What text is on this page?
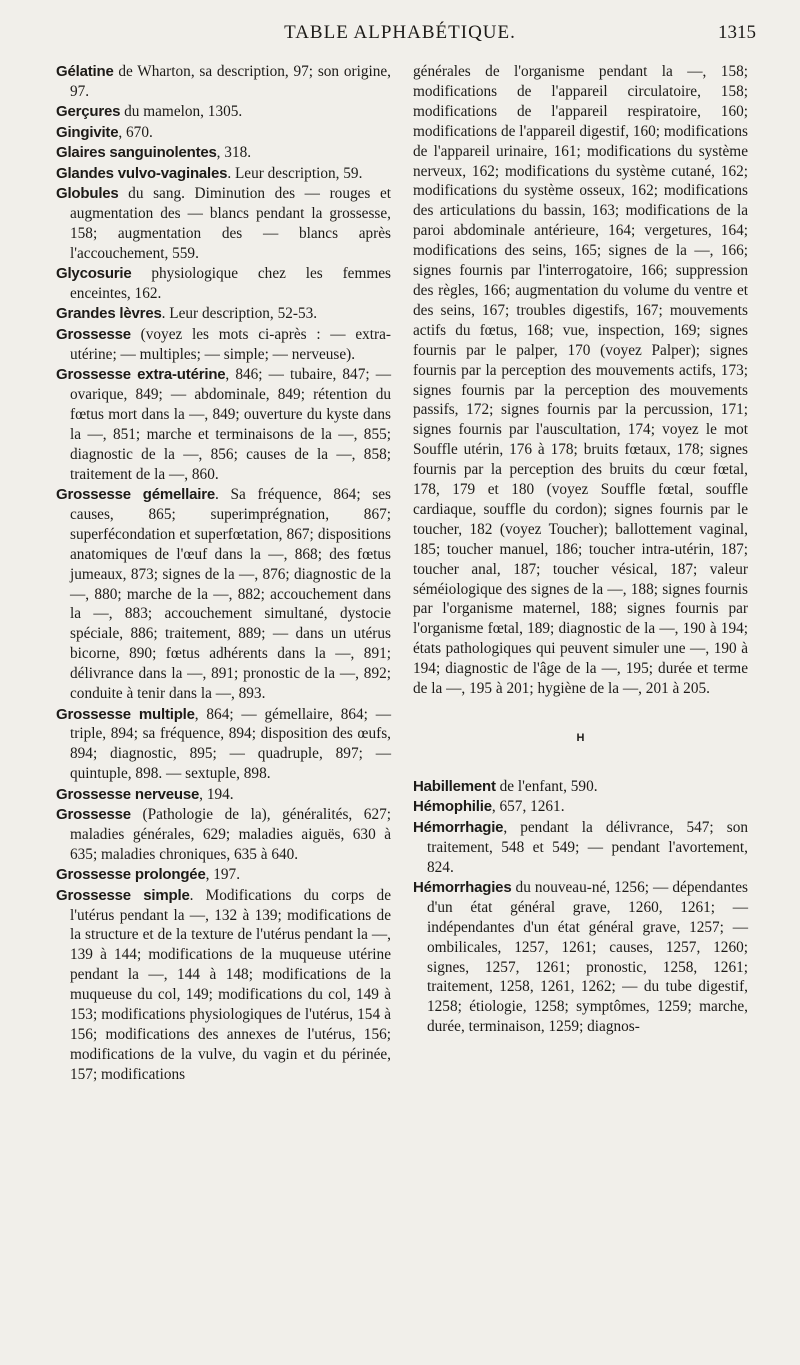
TABLE ALPHABÉTIQUE.	1315

Gélatine de Wharton, sa description, 97; son origine, 97.

Gerçures du mamelon, 1305.

Gingivite, 670.

Glaires sanguinolentes, 318.

Glandes vulvo-vaginales. Leur description, 59.

Globules du sang. Diminution des — rouges et augmentation des — blancs pendant la grossesse, 158; augmentation des — blancs après l'accouchement, 559.

Glycosurie physiologique chez les femmes enceintes, 162.

Grandes lèvres. Leur description, 52-53.

Grossesse (voyez les mots ci-après : — extra-utérine; — multiples; — simple; — nerveuse).

Grossesse extra-utérine, 846; — tubaire, 847; — ovarique, 849; — abdominale, 849; rétention du fœtus mort dans la —, 849; ouverture du kyste dans la —, 851; marche et terminaisons de la —, 855; diagnostic de la —, 856; causes de la —, 858; traitement de la —, 860.

Grossesse gémellaire. Sa fréquence, 864; ses causes, 865; superimprégnation, 867; superfécondation et superfœtation, 867; dispositions anatomiques de l'œuf dans la —, 868; des fœtus jumeaux, 873; signes de la —, 876; diagnostic de la —, 880; marche de la —, 882; accouchement dans la —, 883; accouchement simultané, dystocie spéciale, 886; traitement, 889; — dans un utérus bicorne, 890; fœtus adhérents dans la —, 891; délivrance dans la —, 891; pronostic de la —, 892; conduite à tenir dans la —, 893.

Grossesse multiple, 864; — gémellaire, 864; — triple, 894; sa fréquence, 894; disposition des œufs, 894; diagnostic, 895; — quadruple, 897; — quintuple, 898. — sextuple, 898.

Grossesse nerveuse, 194.

Grossesse (Pathologie de la), généralités, 627; maladies générales, 629; maladies aiguës, 630 à 635; maladies chroniques, 635 à 640.

Grossesse prolongée, 197.

Grossesse simple. Modifications du corps de l'utérus pendant la —, 132 à 139; modifications de la structure et de la texture de l'utérus pendant la —, 139 à 144; modifications de la muqueuse utérine pendant la —, 144 à 148; modifications de la muqueuse du col, 149; modifications du col, 149 à 153; modifications physiologiques de l'utérus, 154 à 156; modifications des annexes de l'utérus, 156; modifications de la vulve, du vagin et du périnée, 157; modifications

générales de l'organisme pendant la —, 158; modifications de l'appareil circulatoire, 158; modifications de l'appareil respiratoire, 160; modifications de l'appareil digestif, 160; modifications de l'appareil urinaire, 161; modifications du système nerveux, 162; modifications du système cutané, 162; modifications du système osseux, 162; modifications des articulations du bassin, 163; modifications de la paroi abdominale antérieure, 164; vergetures, 164; modifications des seins, 165; signes de la —, 166; signes fournis par l'interrogatoire, 166; suppression des règles, 166; augmentation du volume du ventre et des seins, 167; troubles digestifs, 167; mouvements actifs du fœtus, 168; vue, inspection, 169; signes fournis par le palper, 170 (voyez Palper); signes fournis par la perception des mouvements actifs, 173; signes fournis par la perception des mouvements passifs, 172; signes fournis par la percussion, 171; signes fournis par l'auscultation, 174; voyez le mot Souffle utérin, 176 à 178; bruits fœtaux, 178; signes fournis par la perception des bruits du cœur fœtal, 178, 179 et 180 (voyez Souffle fœtal, souffle cardiaque, souffle du cordon); signes fournis par le toucher, 182 (voyez Toucher); ballottement vaginal, 185; toucher manuel, 186; toucher intra-utérin, 187; toucher anal, 187; toucher vésical, 187; valeur séméiologique des signes de la —, 188; signes fournis par l'organisme maternel, 188; signes fournis par l'organisme fœtal, 189; diagnostic de la —, 190 à 194; états pathologiques qui peuvent simuler une —, 190 à 194; diagnostic de l'âge de la —, 195; durée et terme de la —, 195 à 201; hygiène de la —, 201 à 205.

H

Habillement de l'enfant, 590.

Hémophilie, 657, 1261.

Hémorrhagie, pendant la délivrance, 547; son traitement, 548 et 549; — pendant l'avortement, 824.

Hémorrhagies du nouveau-né, 1256; — dépendantes d'un état général grave, 1260, 1261; — indépendantes d'un état général grave, 1257; — ombilicales, 1257, 1261; causes, 1257, 1260; signes, 1257, 1261; pronostic, 1258, 1261; traitement, 1258, 1261, 1262; — du tube digestif, 1258; étiologie, 1258; symptômes, 1259; marche, durée, terminaison, 1259; diagnos-
